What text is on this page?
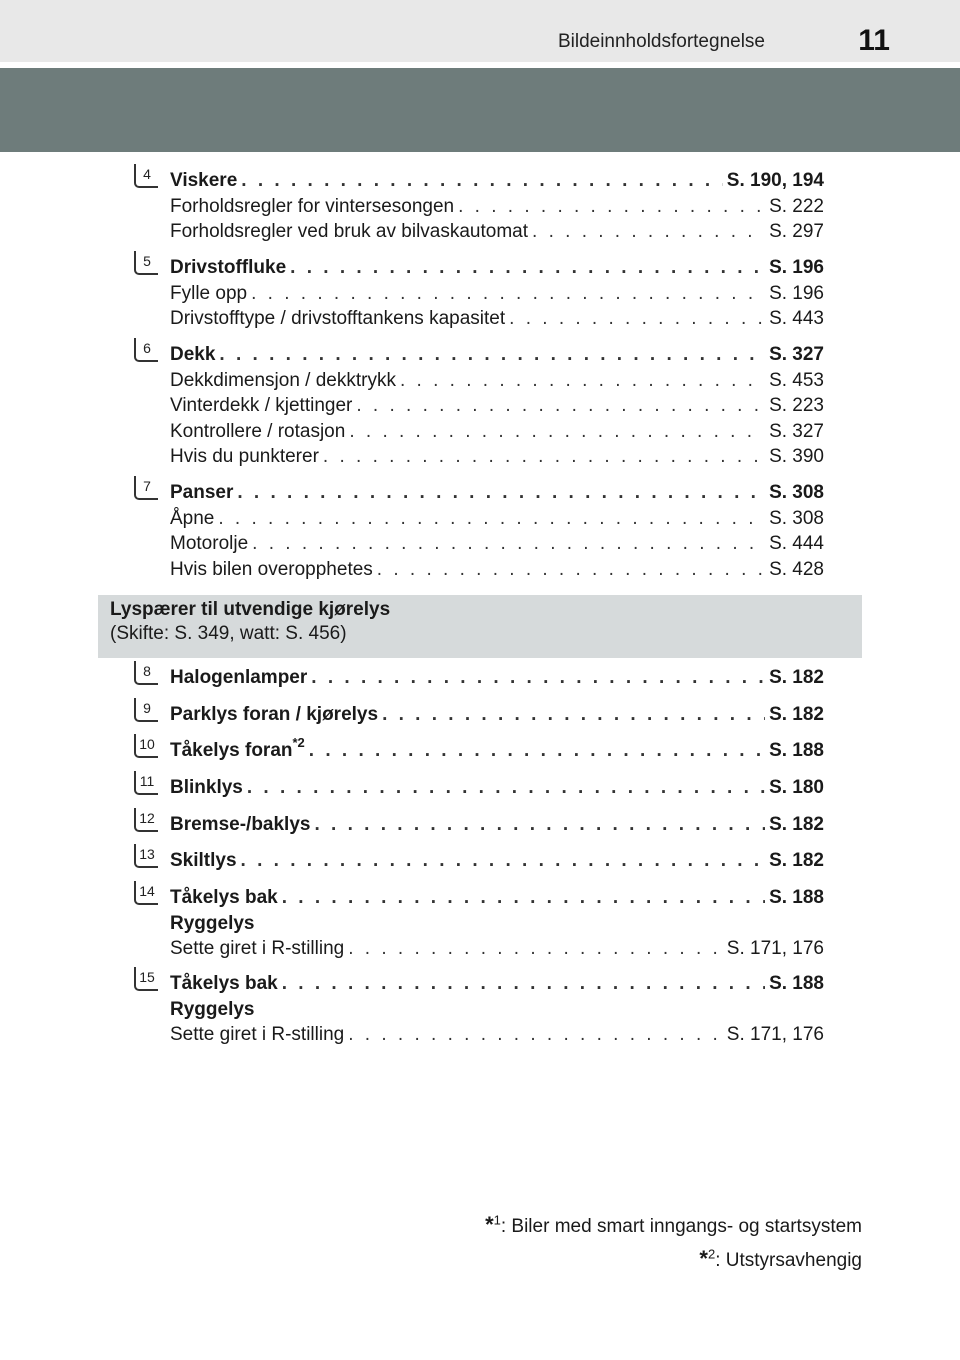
Bildeinnholdsfortegnelse	11
4	Viskere . . .	S. 190, 194
Forholdsregler for vintersesongen . . .	S. 222
Forholdsregler ved bruk av bilvaskautomat . . .	S. 297
5	Drivstoffluke . . .	S. 196
Fylle opp . . .	S. 196
Drivstofftype / drivstofftankens kapasitet . . .	S. 443
6	Dekk . . .	S. 327
Dekkdimensjon / dekktrykk . . .	S. 453
Vinterdekk / kjettinger . . .	S. 223
Kontrollere / rotasjon . . .	S. 327
Hvis du punkterer . . .	S. 390
7	Panser . . .	S. 308
Åpne . . .	S. 308
Motorolje . . .	S. 444
Hvis bilen overopphetes . . .	S. 428
8	Halogenlamper . . .	S. 182
9	Parklys foran / kjørelys . . .	S. 182
10 Tåkelys foran$^{*2}$ . . .	S. 188
11 Blinklys . . .	S. 180
12 Bremse-/baklys . . .	S. 182
13 Skiltlys . . .	S. 182
14 Tåkelys bak . . .	S. 188
Ryggelys
Sette giret i R-stilling . . .	S. 171, 176
15 Tåkelys bak . . .	S. 188
Ryggelys
Sette giret i R-stilling . . .	S. 171, 176
Lyspærer til utvendige kjørelys
(Skifte: S. 349, watt: S. 456)
*$^1$: Biler med smart inngangs- og startsystem
*$^2$: Utstyrsavhengig
